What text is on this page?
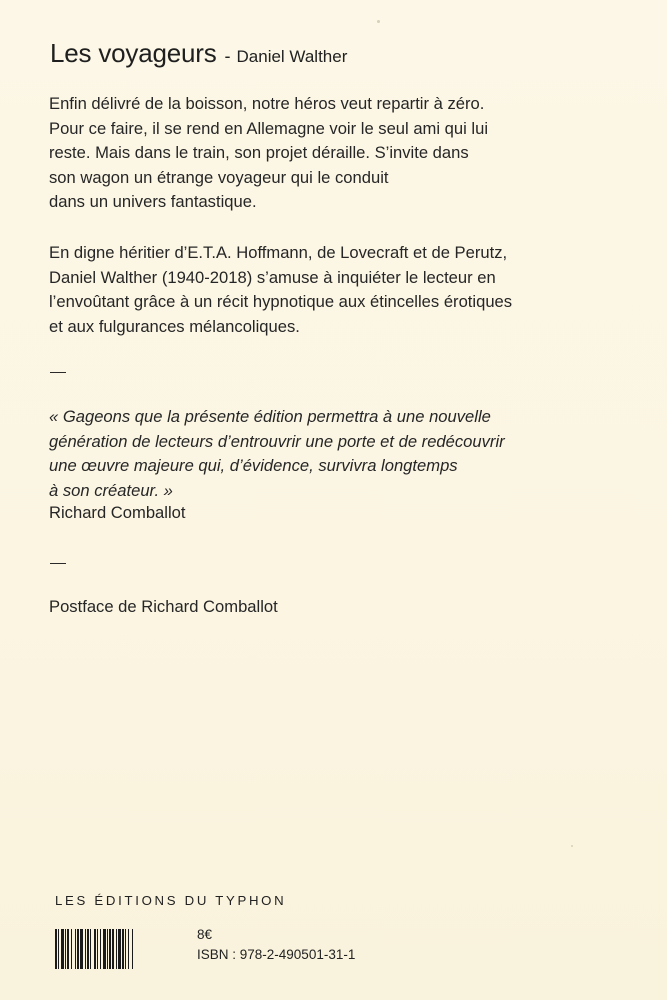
Les voyageurs - Daniel Walther

Enfin délivré de la boisson, notre héros veut repartir à zéro.
Pour ce faire, il se rend en Allemagne voir le seul ami qui lui
reste. Mais dans le train, son projet déraille. S’invite dans
son wagon un étrange voyageur qui le conduit
dans un univers fantastique.

En digne héritier d’E.T.A. Hoffmann, de Lovecraft et de Perutz,
Daniel Walther (1940-2018) s’amuse à inquiéter le lecteur en
l’envoûtant grâce à un récit hypnotique aux étincelles érotiques
et aux fulgurances mélancoliques.

« Gageons que la présente édition permettra à une nouvelle
génération de lecteurs d’entrouvrir une porte et de redécouvrir
une œuvre majeure qui, d’évidence, survivra longtemps
à son créateur. »

Richard Comballot
Postface de Richard Comballot
LES ÉDITIONS DU TYPHON
8€
ISBN : 978-2-490501-31-1
